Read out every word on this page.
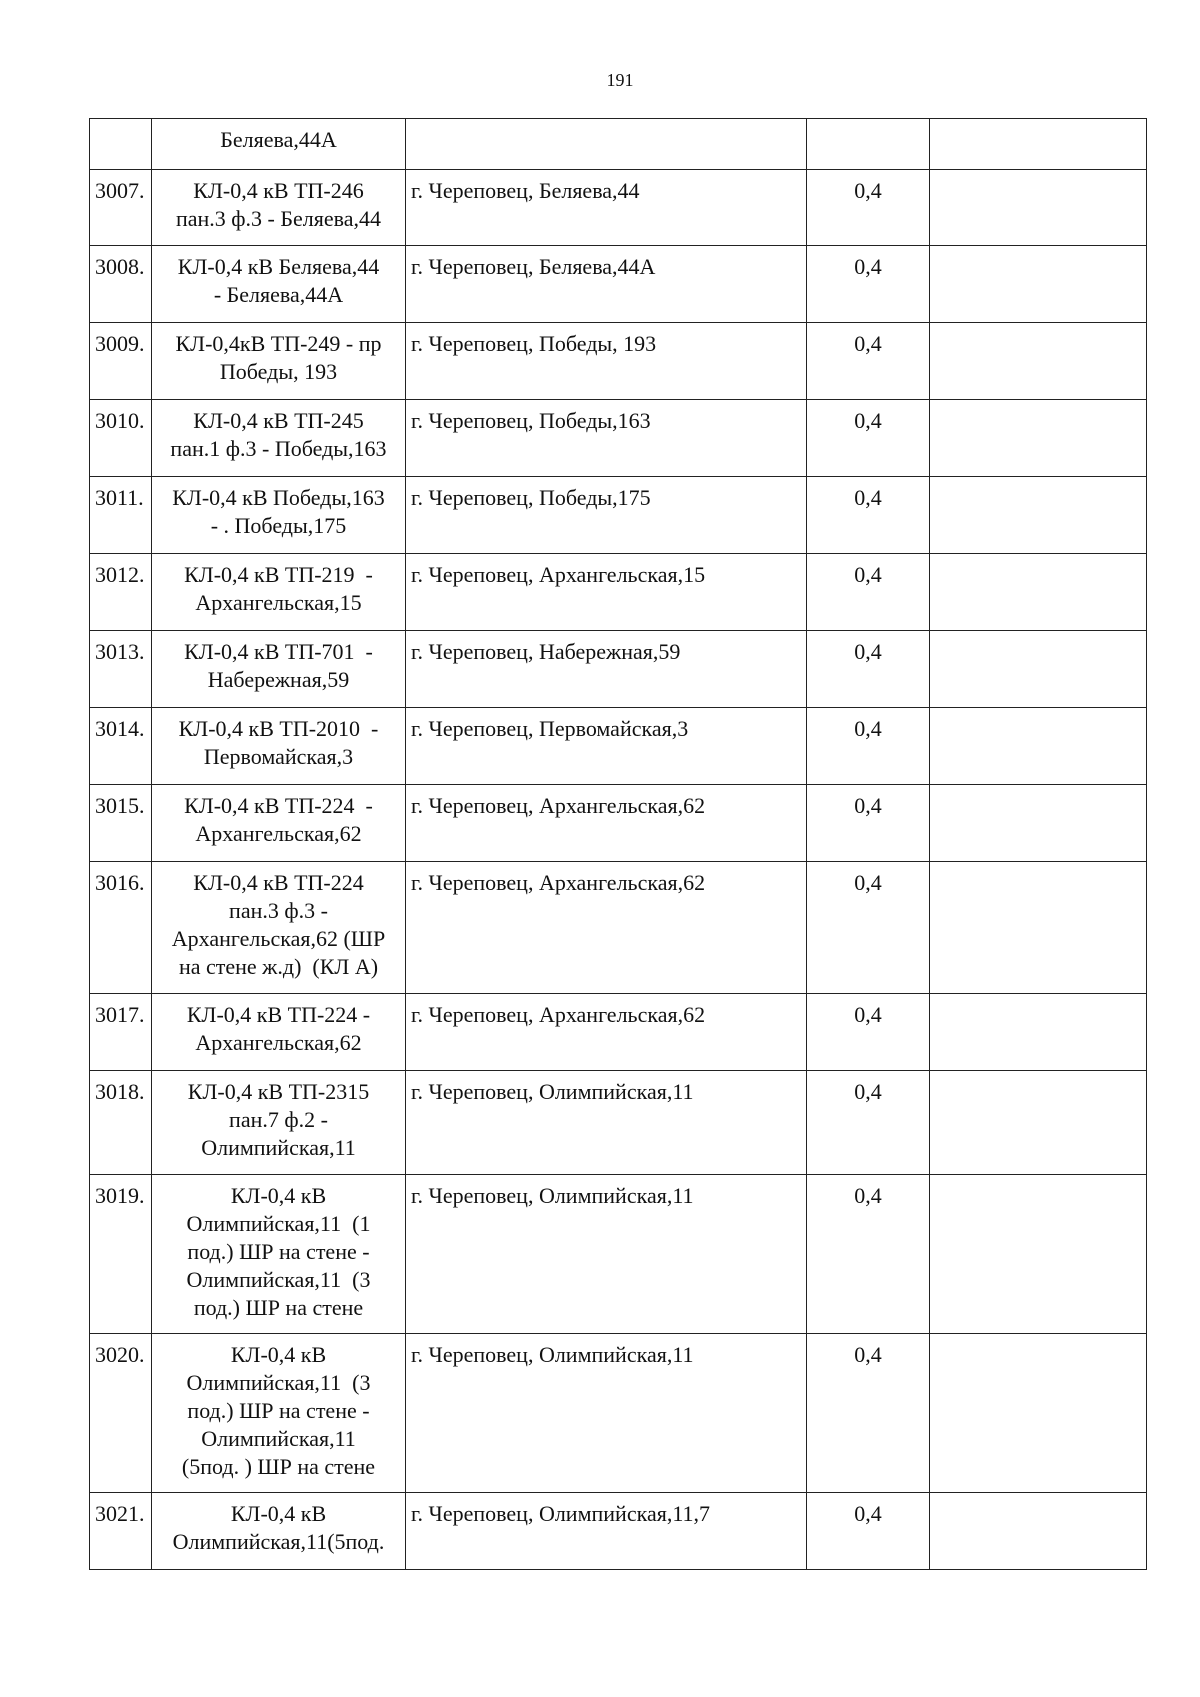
191
	Беляева,44А			
3007.	КЛ-0,4 кВ ТП-246
пан.3 ф.3 - Беляева,44	г. Череповец, Беляева,44	0,4	
3008.	КЛ-0,4 кВ Беляева,44
- Беляева,44А	г. Череповец, Беляева,44А	0,4	
3009.	КЛ-0,4кВ ТП-249 - пр
Победы, 193	г. Череповец, Победы, 193	0,4	
3010.	КЛ-0,4 кВ ТП-245
пан.1 ф.3 - Победы,163	г. Череповец, Победы,163	0,4	
3011.	КЛ-0,4 кВ Победы,163
- . Победы,175	г. Череповец, Победы,175	0,4	
3012.	КЛ-0,4 кВ ТП-219  -
Архангельская,15	г. Череповец, Архангельская,15	0,4	
3013.	КЛ-0,4 кВ ТП-701  -
Набережная,59	г. Череповец, Набережная,59	0,4	
3014.	КЛ-0,4 кВ ТП-2010  -
Первомайская,3	г. Череповец, Первомайская,3	0,4	
3015.	КЛ-0,4 кВ ТП-224  -
Архангельская,62	г. Череповец, Архангельская,62	0,4	
3016.	КЛ-0,4 кВ ТП-224
пан.3 ф.3 -
Архангельская,62 (ШР
на стене ж.д)  (КЛ А)	г. Череповец, Архангельская,62	0,4	
3017.	КЛ-0,4 кВ ТП-224 -
Архангельская,62	г. Череповец, Архангельская,62	0,4	
3018.	КЛ-0,4 кВ ТП-2315
пан.7 ф.2 -
Олимпийская,11	г. Череповец, Олимпийская,11	0,4	
3019.	КЛ-0,4 кВ
Олимпийская,11  (1
под.) ШР на стене -
Олимпийская,11  (3
под.) ШР на стене	г. Череповец, Олимпийская,11	0,4	
3020.	КЛ-0,4 кВ
Олимпийская,11  (3
под.) ШР на стене -
Олимпийская,11
(5под. ) ШР на стене	г. Череповец, Олимпийская,11	0,4	
3021.	КЛ-0,4 кВ
Олимпийская,11(5под.	г. Череповец, Олимпийская,11,7	0,4	
